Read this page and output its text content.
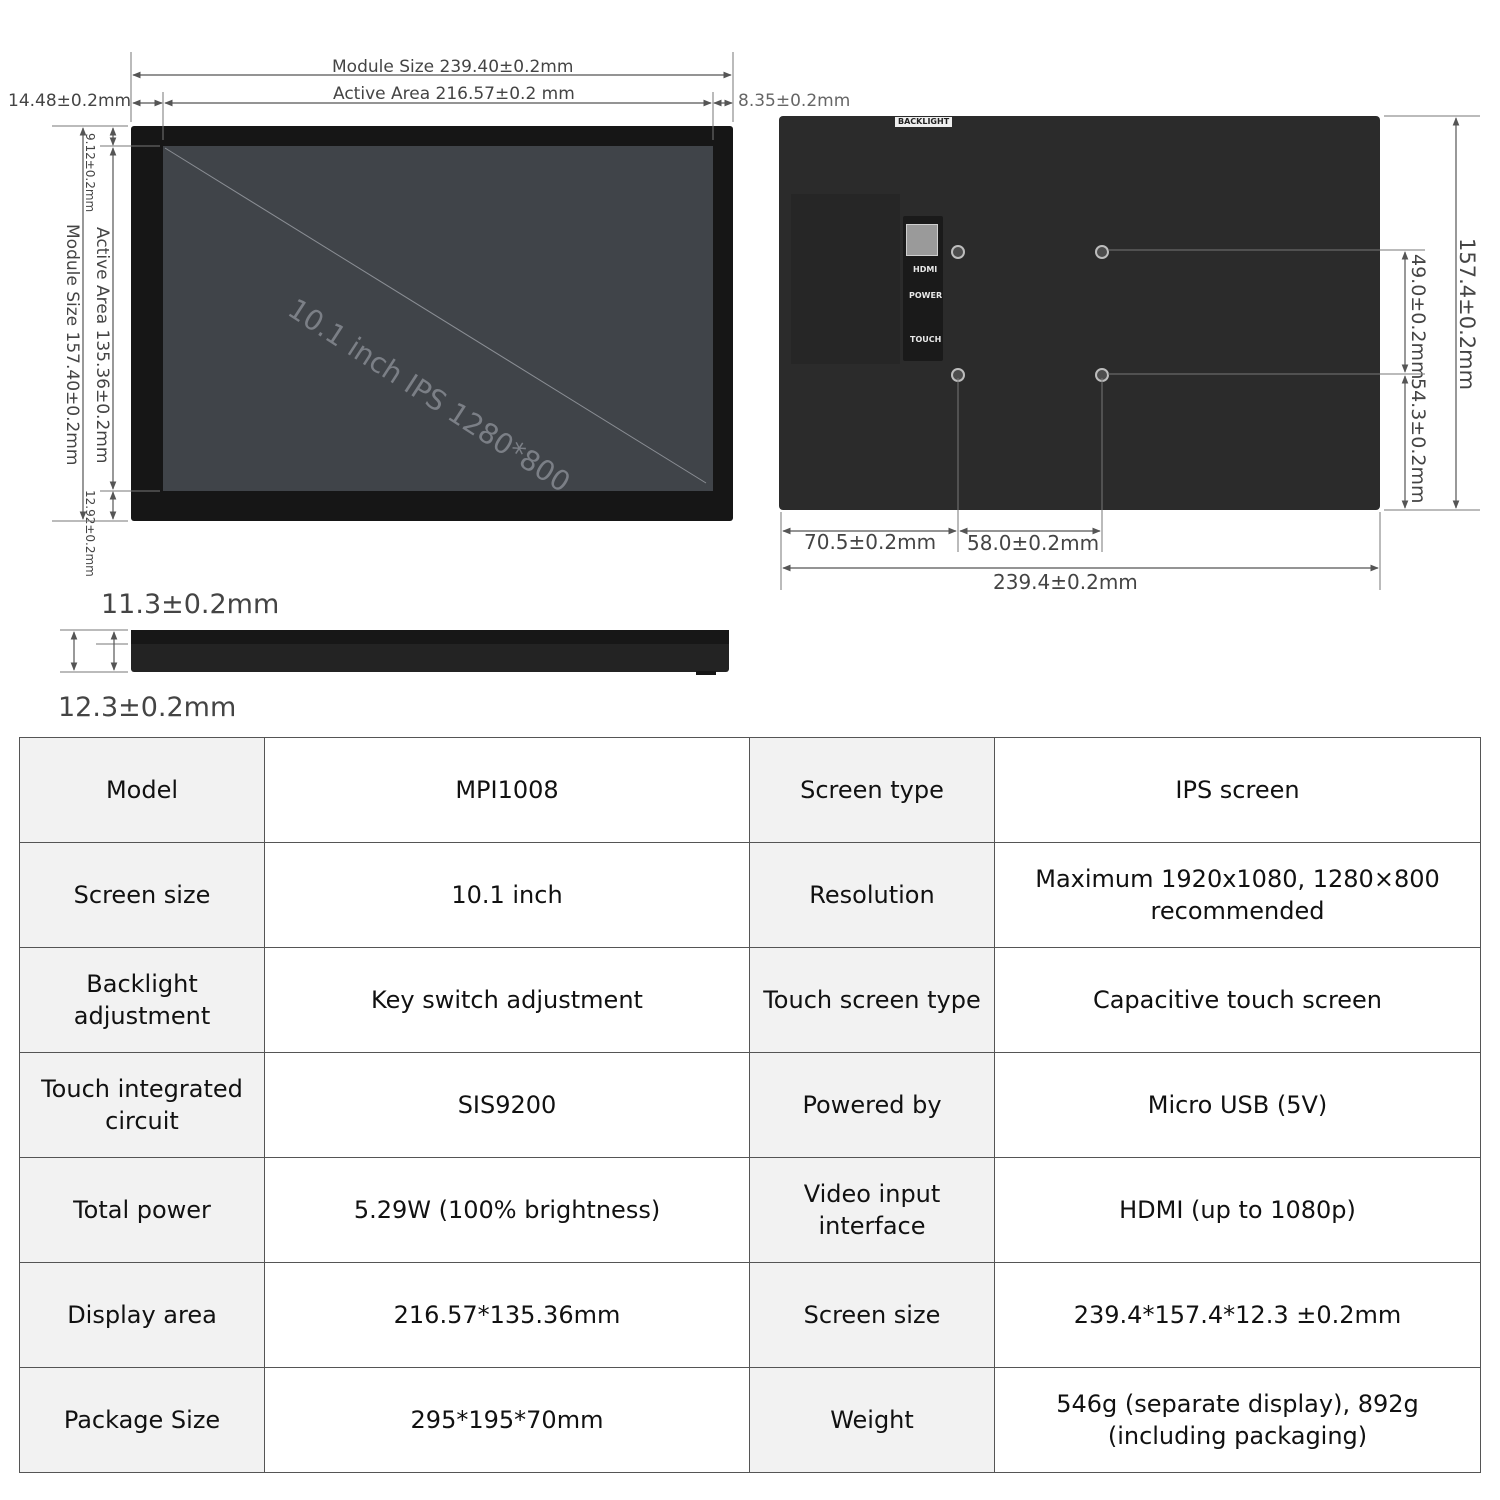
10.1 inch IPS 1280*800
Module Size 239.40±0.2mm
Active Area 216.57±0.2 mm
14.48±0.2mm	8.35±0.2mm
9.12±0.2mm
Active Area 135.36±0.2mm
Module Size 157.40±0.2mm
12.92±0.2mm
BACKLIGHT
HDMI
POWER
TOUCH
70.5±0.2mm 58.0±0.2mm
239.4±0.2mm
49.0±0.2mm
54.3±0.2mm
157.4±0.2mm
11.3±0.2mm
12.3±0.2mm
Model	MPI1008	Screen type	IPS screen
Screen size	10.1 inch	Resolution	Maximum 1920x1080, 1280×800 recommended
Backlight adjustment	Key switch adjustment	Touch screen type	Capacitive touch screen
Touch integrated circuit	SIS9200	Powered by	Micro USB (5V)
Total power	5.29W (100% brightness)	Video input interface	HDMI (up to 1080p)
Display area	216.57*135.36mm	Screen size	239.4*157.4*12.3 ±0.2mm
Package Size	295*195*70mm	Weight	546g (separate display), 892g (including packaging)
